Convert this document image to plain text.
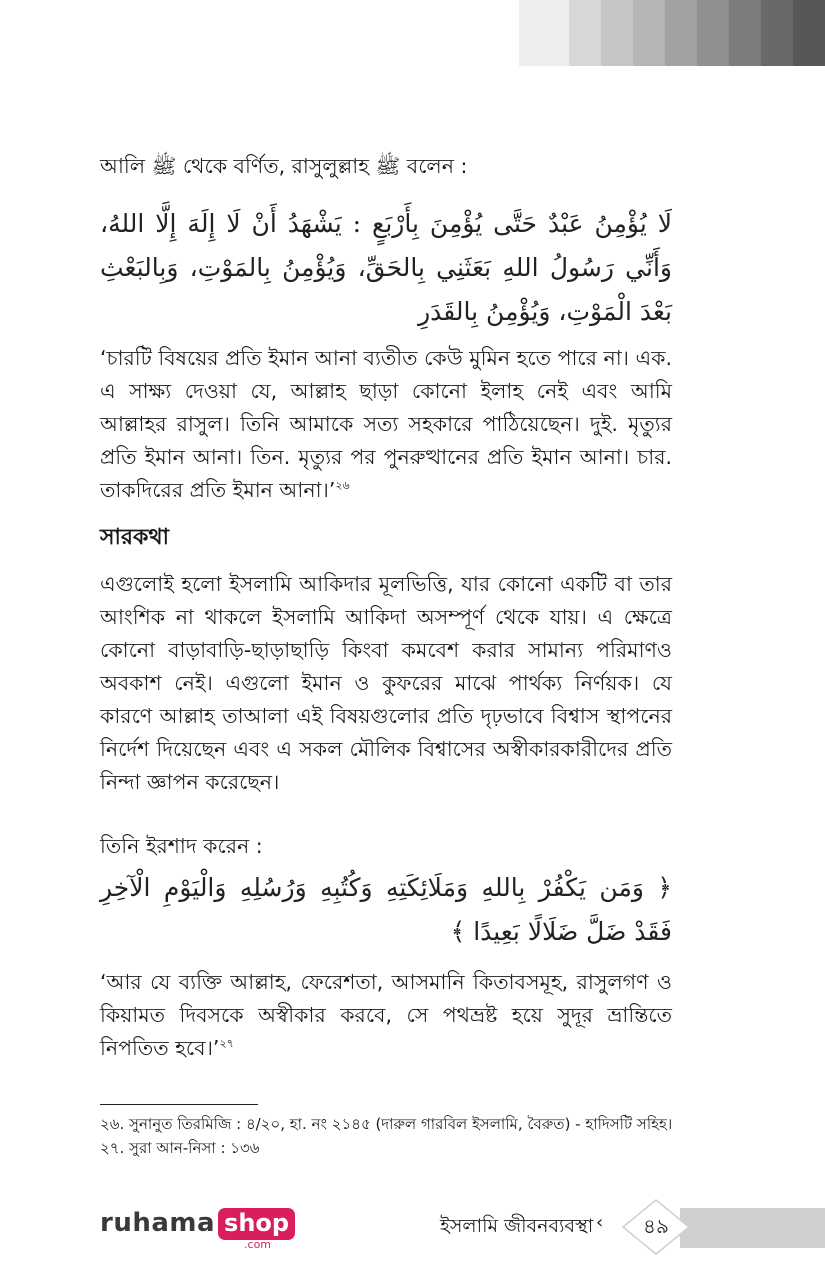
আলি ﷺ থেকে বর্ণিত, রাসুলুল্লাহ ﷺ বলেন :

لَا يُؤْمِنُ عَبْدٌ حَتَّى يُؤْمِنَ بِأَرْبَعٍ : يَشْهَدُ أَنْ لَا إِلَهَ إِلَّا اللهُ، وَأَنِّي رَسُولُ اللهِ بَعَثَنِي بِالحَقِّ، وَيُؤْمِنُ بِالمَوْتِ، وَبِالبَعْثِ بَعْدَ الْمَوْتِ، وَيُؤْمِنُ بِالقَدَرِ

‘চারটি বিষয়ের প্রতি ইমান আনা ব্যতীত কেউ মুমিন হতে পারে না। এক. এ সাক্ষ্য দেওয়া যে, আল্লাহ ছাড়া কোনো ইলাহ নেই এবং আমি আল্লাহর রাসুল। তিনি আমাকে সত্য সহকারে পাঠিয়েছেন। দুই. মৃত্যুর প্রতি ইমান আনা। তিন. মৃত্যুর পর পুনরুত্থানের প্রতি ইমান আনা। চার. তাকদিরের প্রতি ইমান আনা।’$^{২৬}$

সারকথা

এগুলোই হলো ইসলামি আকিদার মূলভিত্তি, যার কোনো একটি বা তার আংশিক না থাকলে ইসলামি আকিদা অসম্পূর্ণ থেকে যায়। এ ক্ষেত্রে কোনো বাড়াবাড়ি-ছাড়াছাড়ি কিংবা কমবেশ করার সামান্য পরিমাণও অবকাশ নেই। এগুলো ইমান ও কুফরের মাঝে পার্থক্য নির্ণয়ক। যে কারণে আল্লাহ তাআলা এই বিষয়গুলোর প্রতি দৃঢ়ভাবে বিশ্বাস স্থাপনের নির্দেশ দিয়েছেন এবং এ সকল মৌলিক বিশ্বাসের অস্বীকারকারীদের প্রতি নিন্দা জ্ঞাপন করেছেন।

তিনি ইরশাদ করেন :

﴿ وَمَن يَكْفُرْ بِاللهِ وَمَلَائِكَتِهِ وَكُتُبِهِ وَرُسُلِهِ وَالْيَوْمِ الْآخِرِ فَقَدْ ضَلَّ ضَلَالًا بَعِيدًا ﴾

‘আর যে ব্যক্তি আল্লাহ, ফেরেশতা, আসমানি কিতাবসমূহ, রাসুলগণ ও কিয়ামত দিবসকে অস্বীকার করবে, সে পথভ্রষ্ট হয়ে সুদূর ভ্রান্তিতে নিপতিত হবে।’$^{২৭}$

২৬. সুনানুত তিরমিজি : ৪/২০, হা. নং ২১৪৫ (দারুল গারবিল ইসলামি, বৈরুত) - হাদিসটি সহিহ।

২৭. সুরা আন-নিসা : ১৩৬

ruhama shop
.com
ইসলামি জীবনব্যবস্থা ‹	৪৯
